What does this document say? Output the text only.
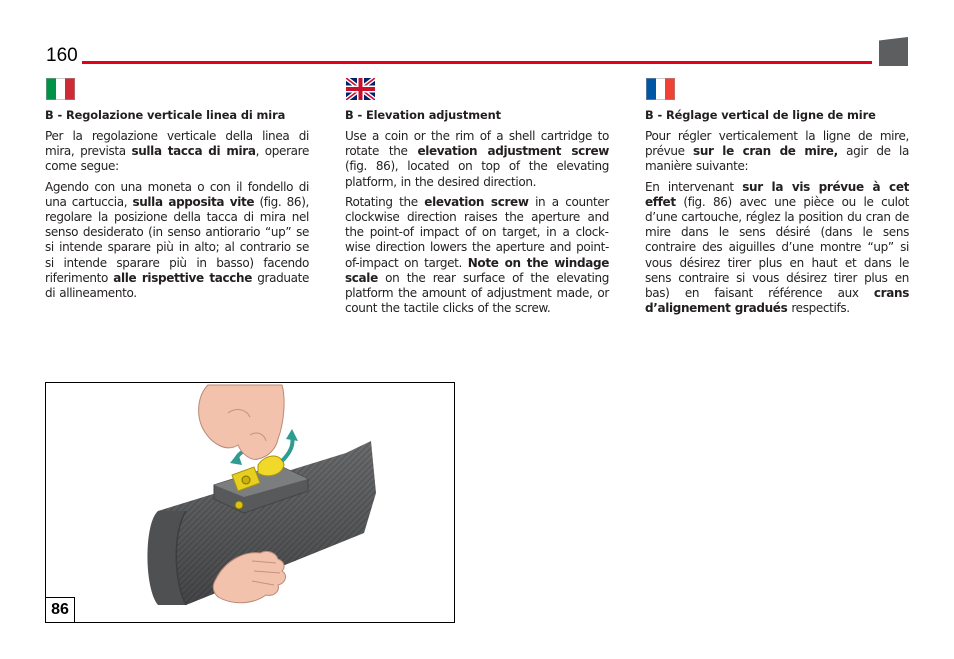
160
B - Regolazione verticale linea di mira

Per la regolazione verticale della linea di mira, prevista sulla tacca di mira, operare come segue:

Agendo con una moneta o con il fondello di una cartuccia, sulla apposita vite (fig. 86), regolare la posizione della tacca di mira nel senso desiderato (in senso antiorario “up” se si intende sparare più in alto; al contrario se si intende sparare più in basso) facendo riferimento alle rispettive tacche graduate di allineamento.

B - Elevation adjustment

Use a coin or the rim of a shell cartridge to rotate the elevation adjustment screw (fig. 86), located on top of the elevating platform, in the desired direction.

Rotating the elevation screw in a counter clockwise direction raises the aperture and the point-of impact of on target, in a clockwise direction lowers the aperture and point-of-impact on target. Note on the windage scale on the rear surface of the elevating platform the amount of adjustment made, or count the tactile clicks of the screw.

B - Réglage vertical de ligne de mire

Pour régler verticalement la ligne de mire, prévue sur le cran de mire, agir de la manière suivante:

En intervenant sur la vis prévue à cet effet (fig. 86) avec une pièce ou le culot d’une cartouche, réglez la position du cran de mire dans le sens désiré (dans le sens contraire des aiguilles d’une montre “up” si vous désirez tirer plus en haut et dans le sens contraire si vous désirez tirer plus en bas) en faisant référence aux crans d’alignement gradués respectifs.

86
